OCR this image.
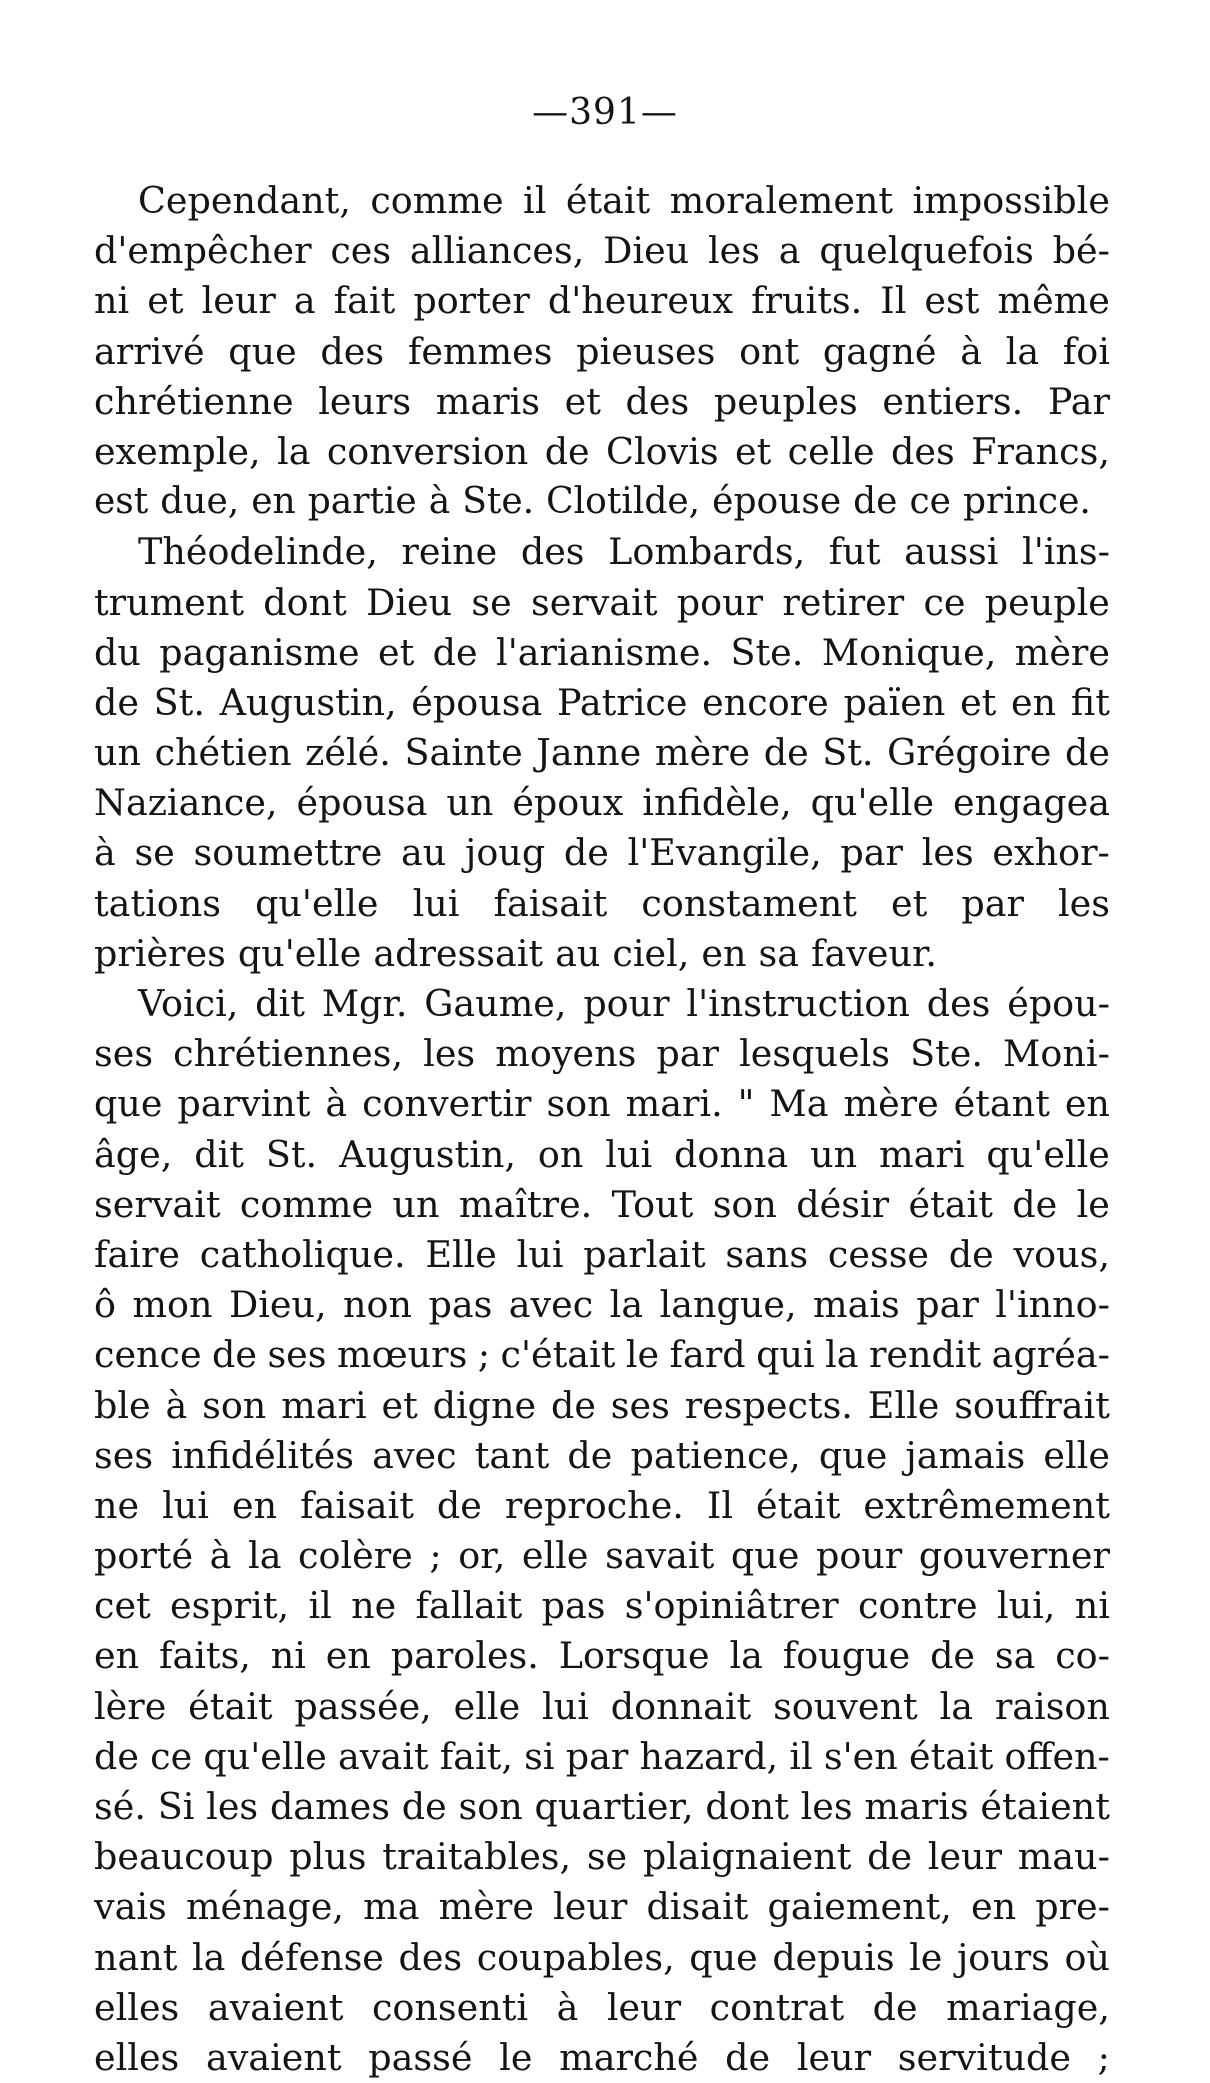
—391—
Cependant, comme il était moralement impossible
d'empêcher ces alliances, Dieu les a quelquefois bé-
ni et leur a fait porter d'heureux fruits. Il est même
arrivé que des femmes pieuses ont gagné à la foi
chrétienne leurs maris et des peuples entiers. Par
exemple, la conversion de Clovis et celle des Francs,
est due, en partie à Ste. Clotilde, épouse de ce prince.
Théodelinde, reine des Lombards, fut aussi l'ins-
trument dont Dieu se servait pour retirer ce peuple
du paganisme et de l'arianisme. Ste. Monique, mère
de St. Augustin, épousa Patrice encore païen et en fit
un chétien zélé. Sainte Janne mère de St. Grégoire de
Naziance, épousa un époux infidèle, qu'elle engagea
à se soumettre au joug de l'Evangile, par les exhor-
tations qu'elle lui faisait constament et par les
prières qu'elle adressait au ciel, en sa faveur.
Voici, dit Mgr. Gaume, pour l'instruction des épou-
ses chrétiennes, les moyens par lesquels Ste. Moni-
que parvint à convertir son mari. " Ma mère étant en
âge, dit St. Augustin, on lui donna un mari qu'elle
servait comme un maître. Tout son désir était de le
faire catholique. Elle lui parlait sans cesse de vous,
ô mon Dieu, non pas avec la langue, mais par l'inno-
cence de ses mœurs ; c'était le fard qui la rendit agréa-
ble à son mari et digne de ses respects. Elle souffrait
ses infidélités avec tant de patience, que jamais elle
ne lui en faisait de reproche. Il était extrêmement
porté à la colère ; or, elle savait que pour gouverner
cet esprit, il ne fallait pas s'opiniâtrer contre lui, ni
en faits, ni en paroles. Lorsque la fougue de sa co-
lère était passée, elle lui donnait souvent la raison
de ce qu'elle avait fait, si par hazard, il s'en était offen-
sé. Si les dames de son quartier, dont les maris étaient
beaucoup plus traitables, se plaignaient de leur mau-
vais ménage, ma mère leur disait gaiement, en pre-
nant la défense des coupables, que depuis le jours où
elles avaient consenti à leur contrat de mariage,
elles avaient passé le marché de leur servitude ;
